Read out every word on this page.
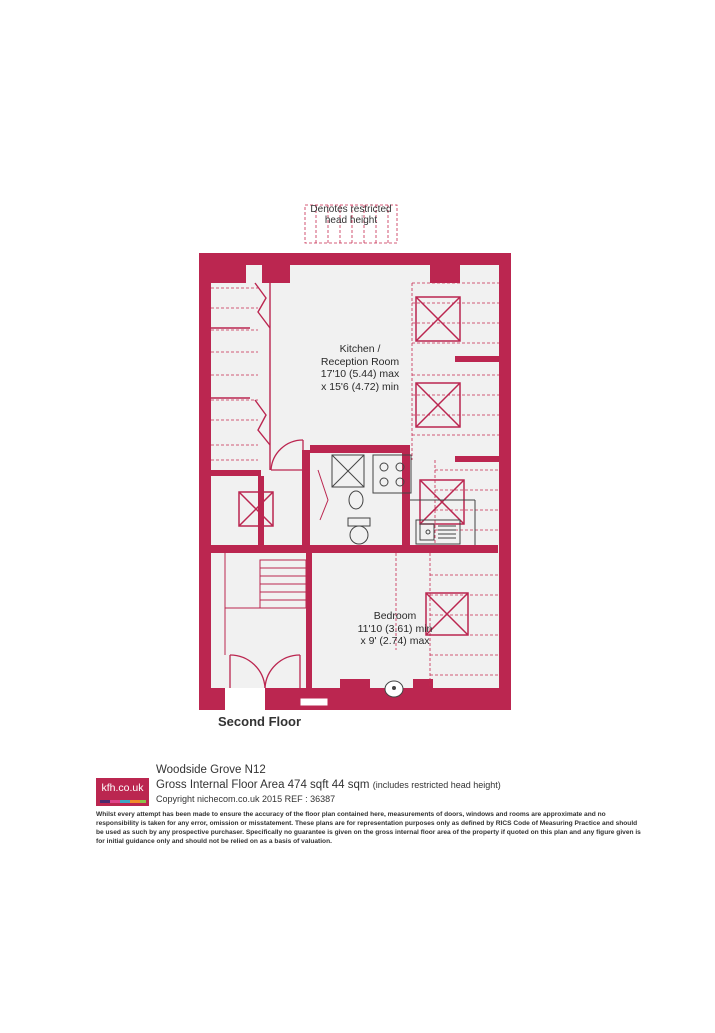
Denotes restricted
head height
Kitchen /
Reception Room
17'10 (5.44) max
x 15'6 (4.72) min
Bedroom
11'10 (3.61) min
x 9' (2.74) max
Second Floor
kfh.co.uk
Woodside Grove N12
Gross Internal Floor Area 474 sqft 44 sqm (includes restricted head height)
Copyright nichecom.co.uk 2015 REF : 36387
Whilst every attempt has been made to ensure the accuracy of the floor plan contained here, measurements of doors, windows and rooms are approximate and no responsibility is taken for any error, omission or misstatement. These plans are for representation purposes only as defined by RICS Code of Measuring Practice and should be used as such by any prospective purchaser. Specifically no guarantee is given on the gross internal floor area of the property if quoted on this plan and any figure given is for initial guidance only and should not be relied on as a basis of valuation.
